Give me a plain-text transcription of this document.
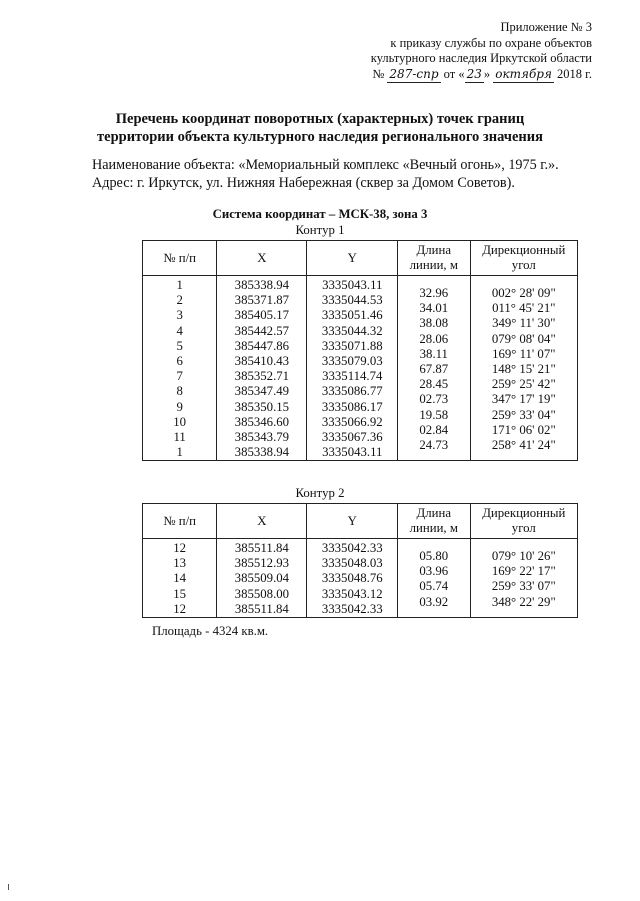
Приложение № 3
к приказу службы по охране объектов
культурного наследия Иркутской области
№ 287-спр от « 23 » октября 2018 г.
Перечень координат поворотных (характерных) точек границ
территории объекта культурного наследия регионального значения
Наименование объекта: «Мемориальный комплекс «Вечный огонь», 1975 г.».
Адрес: г. Иркутск, ул. Нижняя Набережная (сквер за Домом Советов).
Система координат – МСК-38, зона 3
Контур 1
№ п/п	X	Y	Длина
линии, м	Дирекционный
угол
1	385338.94	3335043.11	32.96	002° 28' 09"
2	385371.87	3335044.53	34.01	011° 45' 21"
3	385405.17	3335051.46	38.08	349° 11' 30"
4	385442.57	3335044.32	28.06	079° 08' 04"
5	385447.86	3335071.88	38.11	169° 11' 07"
6	385410.43	3335079.03	67.87	148° 15' 21"
7	385352.71	3335114.74	28.45	259° 25' 42"
8	385347.49	3335086.77	02.73	347° 17' 19"
9	385350.15	3335086.17	19.58	259° 33' 04"
10	385346.60	3335066.92	02.84	171° 06' 02"
11	385343.79	3335067.36	24.73	258° 41' 24"
1	385338.94	3335043.11		
Контур 2
№ п/п	X	Y	Длина
линии, м	Дирекционный
угол
12	385511.84	3335042.33	05.80	079° 10' 26"
13	385512.93	3335048.03	03.96	169° 22' 17"
14	385509.04	3335048.76	05.74	259° 33' 07"
15	385508.00	3335043.12	03.92	348° 22' 29"
12	385511.84	3335042.33		
Площадь - 4324 кв.м.
